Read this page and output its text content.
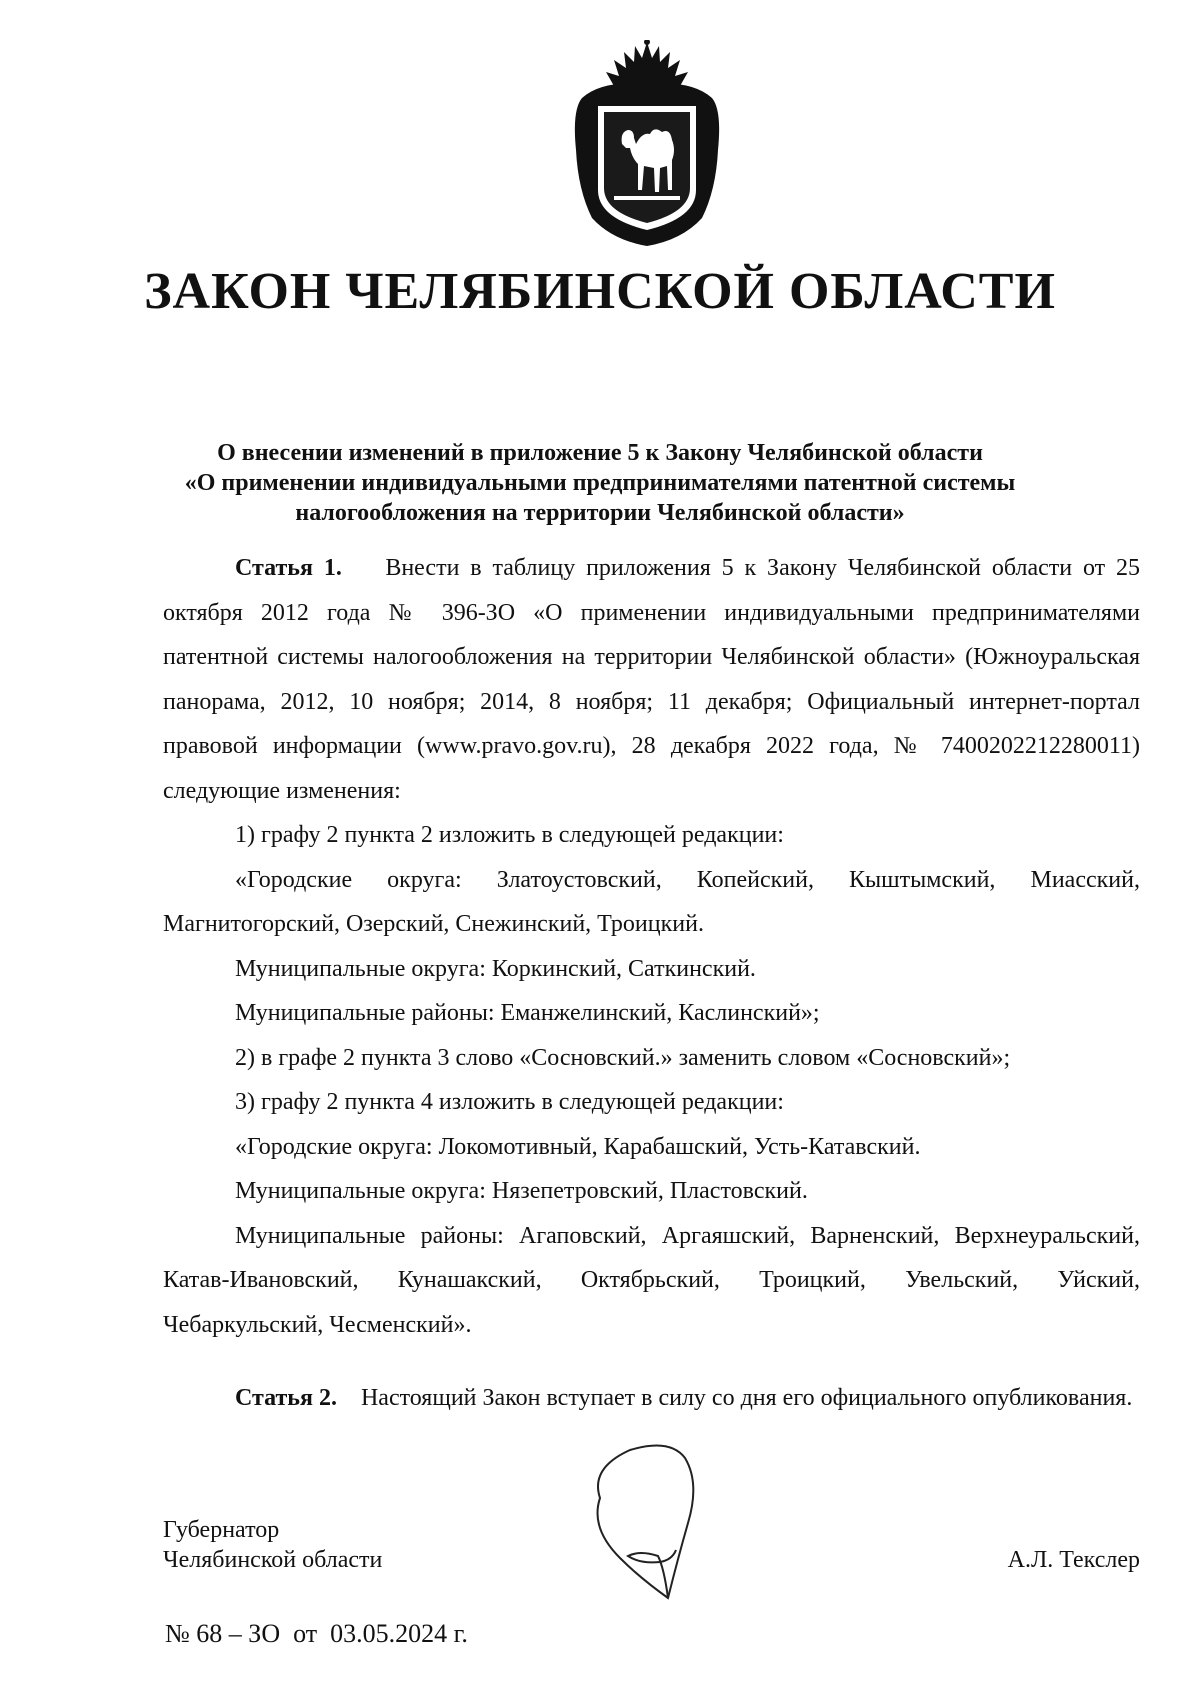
ЗАКОН ЧЕЛЯБИНСКОЙ ОБЛАСТИ
О внесении изменений в приложение 5 к Закону Челябинской области
«О применении индивидуальными предпринимателями патентной системы
налогообложения на территории Челябинской области»

Статья 1. Внести в таблицу приложения 5 к Закону Челябинской области от 25 октября 2012 года № 396-ЗО «О применении индивидуальными предпринимателями патентной системы налогообложения на территории Челябинской области» (Южноуральская панорама, 2012, 10 ноября; 2014, 8 ноября; 11 декабря; Официальный интернет-портал правовой информации (www.pravo.gov.ru), 28 декабря 2022 года, № 7400202212280011) следующие изменения:

1) графу 2 пункта 2 изложить в следующей редакции:

«Городские округа: Златоустовский, Копейский, Кыштымский, Миасский, Магнитогорский, Озерский, Снежинский, Троицкий.

Муниципальные округа: Коркинский, Саткинский.

Муниципальные районы: Еманжелинский, Каслинский»;

2) в графе 2 пункта 3 слово «Сосновский.» заменить словом «Сосновский»;

3) графу 2 пункта 4 изложить в следующей редакции:

«Городские округа: Локомотивный, Карабашский, Усть-Катавский.

Муниципальные округа: Нязепетровский, Пластовский.

Муниципальные районы: Агаповский, Аргаяшский, Варненский, Верхнеуральский, Катав-Ивановский, Кунашакский, Октябрьский, Троицкий, Увельский, Уйский, Чебаркульский, Чесменский».

Статья 2. Настоящий Закон вступает в силу со дня его официального опубликования.

Губернатор
Челябинской области	А.Л. Текслер
№ 68 – ЗО  от  03.05.2024 г.
